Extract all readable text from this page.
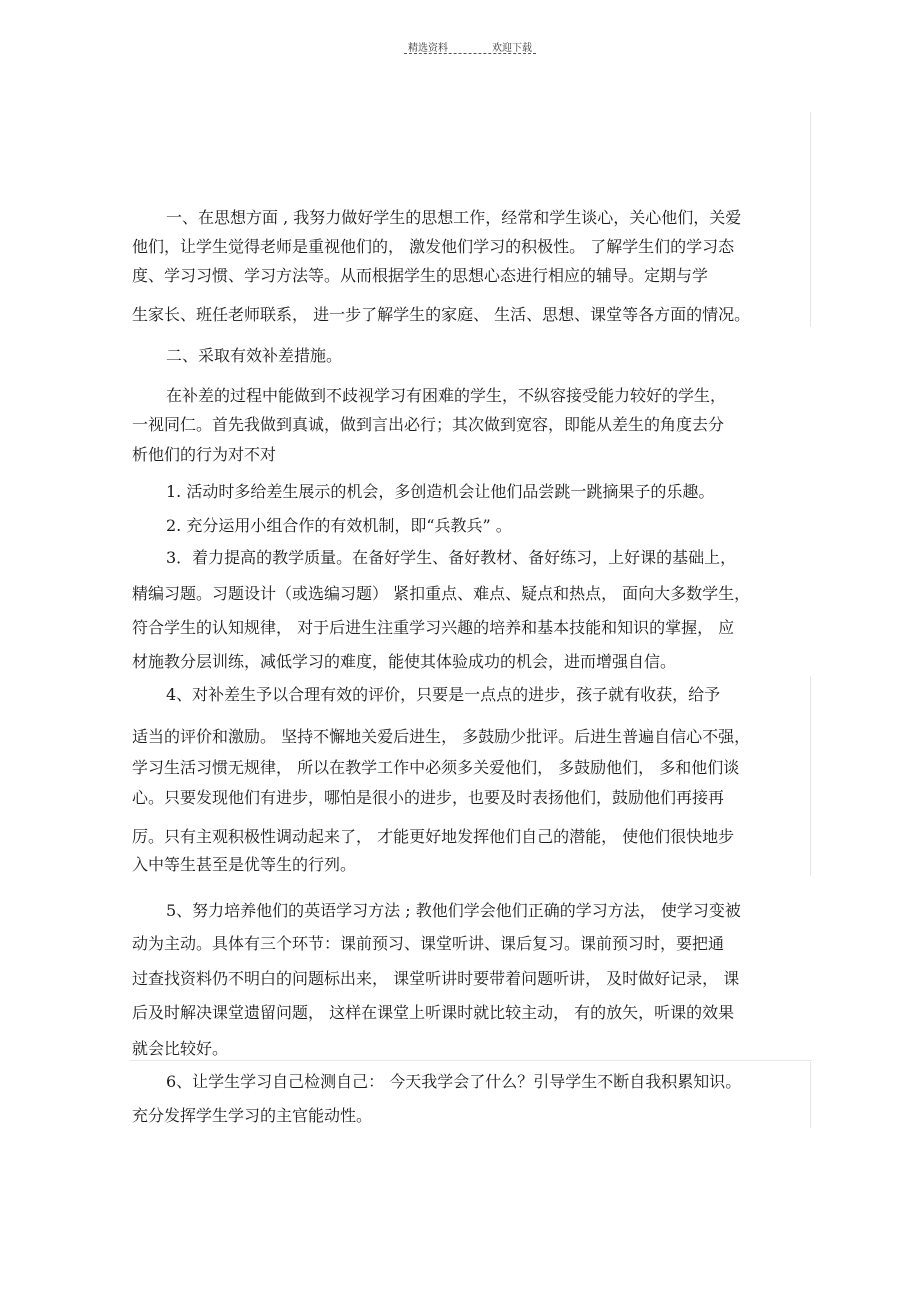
精选资料	欢迎下载
一、在思想方面 , 我努力做好学生的思想工作，经常和学生谈心，关心他们，关爱
他们，让学生觉得老师是重视他们的， 激发他们学习的积极性。 了解学生们的学习态
度、学习习惯、学习方法等。从而根据学生的思想心态进行相应的辅导。定期与学
生家长、班任老师联系， 进一步了解学生的家庭、 生活、思想、课堂等各方面的情况。
二、采取有效补差措施。
在补差的过程中能做到不歧视学习有困难的学生，不纵容接受能力较好的学生，
一视同仁。首先我做到真诚，做到言出必行；其次做到宽容，即能从差生的角度去分
析他们的行为对不对
1. 活动时多给差生展示的机会，多创造机会让他们品尝跳一跳摘果子的乐趣。
2. 充分运用小组合作的有效机制，即“兵教兵” 。
3．着力提高的教学质量。在备好学生、备好教材、备好练习，上好课的基础上，
精编习题。习题设计（或选编习题） 紧扣重点、难点、疑点和热点， 面向大多数学生，
符合学生的认知规律， 对于后进生注重学习兴趣的培养和基本技能和知识的掌握， 应
材施教分层训练，减低学习的难度，能使其体验成功的机会，进而增强自信。
4、对补差生予以合理有效的评价，只要是一点点的进步，孩子就有收获，给予
适当的评价和激励。 坚持不懈地关爱后进生， 多鼓励少批评。后进生普遍自信心不强，
学习生活习惯无规律， 所以在教学工作中必须多关爱他们， 多鼓励他们， 多和他们谈
心。只要发现他们有进步，哪怕是很小的进步，也要及时表扬他们，鼓励他们再接再
厉。只有主观积极性调动起来了， 才能更好地发挥他们自己的潜能， 使他们很快地步
入中等生甚至是优等生的行列。
5、努力培养他们的英语学习方法 ; 教他们学会他们正确的学习方法， 使学习变被
动为主动。具体有三个环节：课前预习、课堂听讲、课后复习。课前预习时，要把通
过查找资料仍不明白的问题标出来， 课堂听讲时要带着问题听讲， 及时做好记录， 课
后及时解决课堂遗留问题， 这样在课堂上听课时就比较主动， 有的放矢，听课的效果
就会比较好。
6、让学生学习自己检测自己： 今天我学会了什么？引导学生不断自我积累知识。
充分发挥学生学习的主官能动性。
